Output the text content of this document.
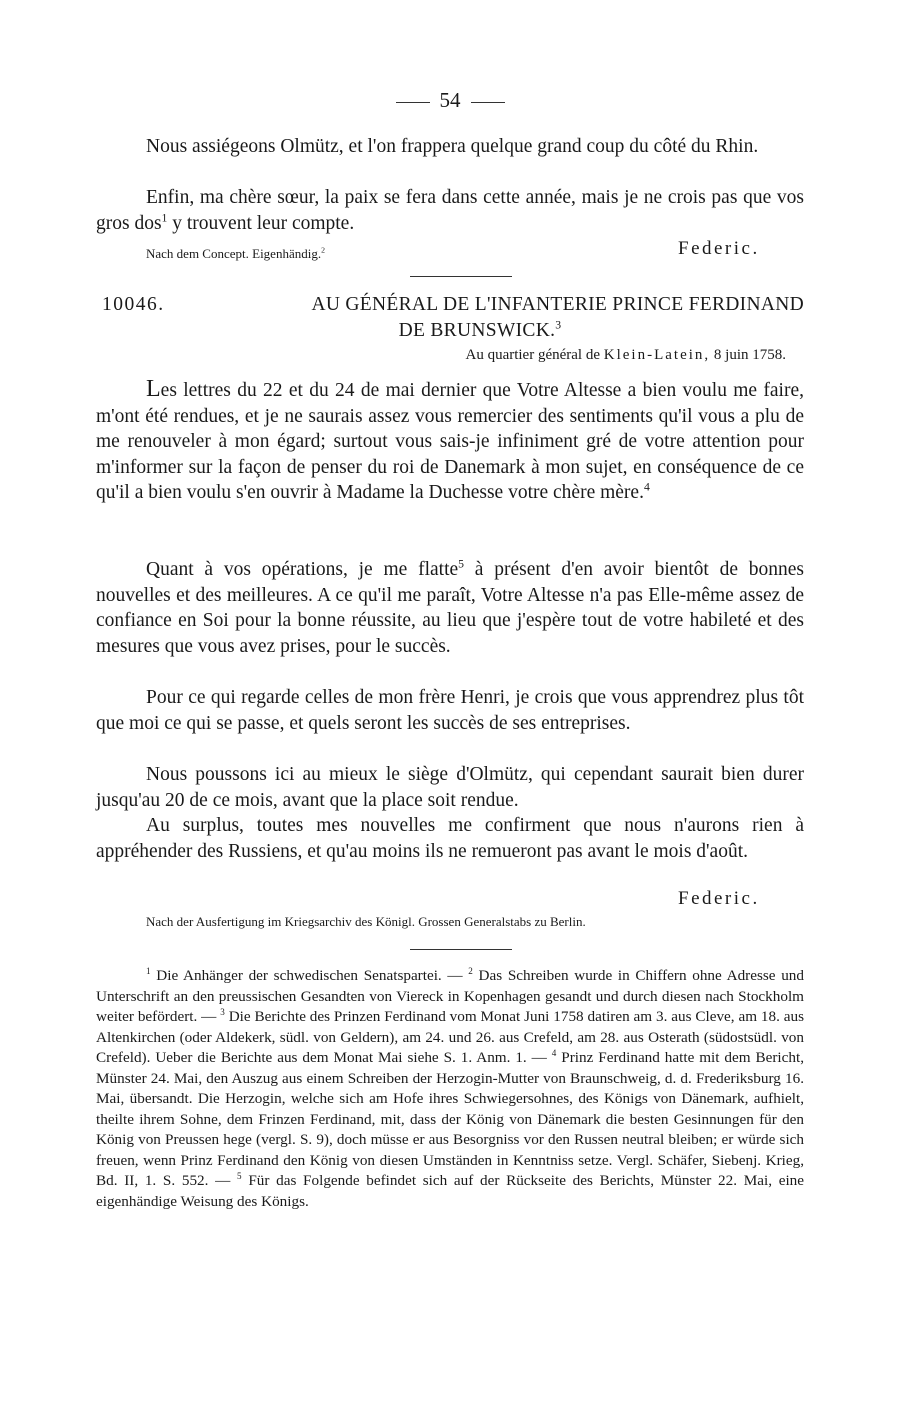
54

Nous assiégeons Olmütz, et l'on frappera quelque grand coup du côté du Rhin.

Enfin, ma chère sœur, la paix se fera dans cette année, mais je ne crois pas que vos gros dos$^1$ y trouvent leur compte.

Nach dem Concept. Eigenhändig.$^2$	Federic.
10046.	AU GÉNÉRAL DE L'INFANTERIE PRINCE FERDINAND
DE BRUNSWICK.$^3$
Au quartier général de Klein-Latein, 8 juin 1758.

Les lettres du 22 et du 24 de mai dernier que Votre Altesse a bien voulu me faire, m'ont été rendues, et je ne saurais assez vous remercier des sentiments qu'il vous a plu de me renouveler à mon égard; surtout vous sais-je infiniment gré de votre attention pour m'informer sur la façon de penser du roi de Danemark à mon sujet, en conséquence de ce qu'il a bien voulu s'en ouvrir à Madame la Duchesse votre chère mère.$^4$

Quant à vos opérations, je me flatte$^5$ à présent d'en avoir bientôt de bonnes nouvelles et des meilleures. A ce qu'il me paraît, Votre Altesse n'a pas Elle-même assez de confiance en Soi pour la bonne réussite, au lieu que j'espère tout de votre habileté et des mesures que vous avez prises, pour le succès.

Pour ce qui regarde celles de mon frère Henri, je crois que vous apprendrez plus tôt que moi ce qui se passe, et quels seront les succès de ses entreprises.

Nous poussons ici au mieux le siège d'Olmütz, qui cependant saurait bien durer jusqu'au 20 de ce mois, avant que la place soit rendue.

Au surplus, toutes mes nouvelles me confirment que nous n'aurons rien à appréhender des Russiens, et qu'au moins ils ne remueront pas avant le mois d'août.

Federic.
Nach der Ausfertigung im Kriegsarchiv des Königl. Grossen Generalstabs zu Berlin.
$^1$ Die Anhänger der schwedischen Senatspartei. — $^2$ Das Schreiben wurde in Chiffern ohne Adresse und Unterschrift an den preussischen Gesandten von Viereck in Kopenhagen gesandt und durch diesen nach Stockholm weiter befördert. — $^3$ Die Berichte des Prinzen Ferdinand vom Monat Juni 1758 datiren am 3. aus Cleve, am 18. aus Altenkirchen (oder Aldekerk, südl. von Geldern), am 24. und 26. aus Crefeld, am 28. aus Osterath (südostsüdl. von Crefeld). Ueber die Berichte aus dem Monat Mai siehe S. 1. Anm. 1. — $^4$ Prinz Ferdinand hatte mit dem Bericht, Münster 24. Mai, den Auszug aus einem Schreiben der Herzogin-Mutter von Braunschweig, d. d. Frederiksburg 16. Mai, übersandt. Die Herzogin, welche sich am Hofe ihres Schwiegersohnes, des Königs von Dänemark, aufhielt, theilte ihrem Sohne, dem Frinzen Ferdinand, mit, dass der König von Dänemark die besten Gesinnungen für den König von Preussen hege (vergl. S. 9), doch müsse er aus Besorgniss vor den Russen neutral bleiben; er würde sich freuen, wenn Prinz Ferdinand den König von diesen Umständen in Kenntniss setze. Vergl. Schäfer, Siebenj. Krieg, Bd. II, 1. S. 552. — $^5$ Für das Folgende befindet sich auf der Rückseite des Berichts, Münster 22. Mai, eine eigenhändige Weisung des Königs.
